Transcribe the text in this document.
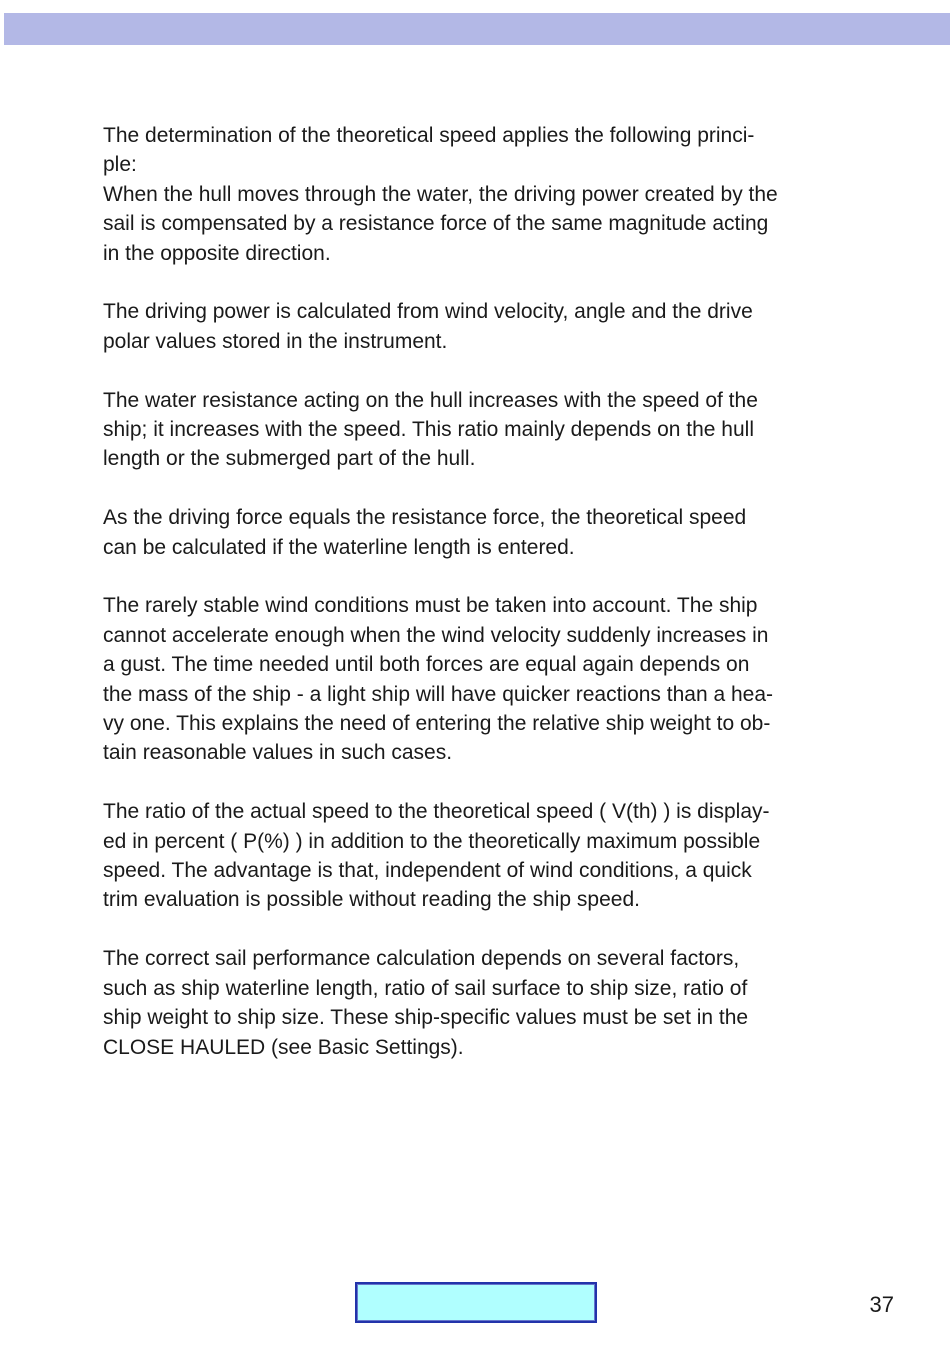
The determination of the theoretical speed applies the following princi-
ple:
When the hull moves through the water, the driving power created by the
sail is compensated by a resistance force of the same magnitude acting
in the opposite direction.

The driving power is calculated from wind velocity, angle and the drive
polar values stored in the instrument.

The water resistance acting on the hull increases with the speed of the
ship; it increases with the speed. This ratio mainly depends on the hull
length or the submerged part of the hull.

As the driving force equals the resistance force, the theoretical speed
can be calculated if the waterline length is entered.

The rarely stable wind conditions must be taken into account. The ship
cannot accelerate enough when the wind velocity suddenly increases in
a gust. The time needed until both forces are equal again depends on
the mass of the ship - a light ship will have quicker reactions than a hea-
vy one. This explains the need of entering the relative ship weight to ob-
tain reasonable values in such cases.

The ratio of the actual speed to the theoretical speed ( V(th) ) is display-
ed in percent ( P(%) ) in addition to the theoretically maximum possible
speed. The advantage is that, independent of wind conditions, a quick
trim evaluation is possible without reading the ship speed.

The correct sail performance calculation depends on several factors,
such as ship waterline length, ratio of sail surface to ship size, ratio of
ship weight to ship size. These ship-specific values must be set in the
CLOSE HAULED (see Basic Settings).

37
